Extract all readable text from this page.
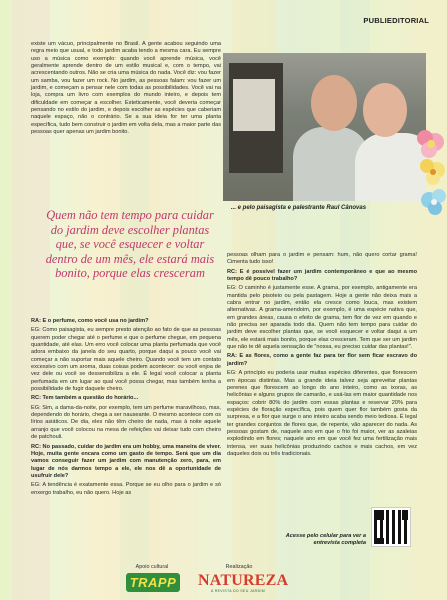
PUBLIEDITORIAL

existe um vácuo, principalmente no Brasil. A gente acabou seguindo uma regra meio que usual, e todo jardim acaba tendo a mesma cara. Eu sempre uso a música como exemplo: quando você aprende música, você geralmente aprende dentro de um estilo musical e, com o tempo, vai acrescentando outros. Não se cria uma música do nada. Você diz: vou fazer um samba, vou fazer um rock. No jardim, as pessoas falam: vou fazer um jardim, e começam a pensar nele com todas as possibilidades. Você vai na loja, compra um livro com exemplos do mundo inteiro, e depois tem dificuldade em começar a escolher. Esteticamente, você deveria começar pensando no estilo do jardim, e depois escolher as espécies que caberiam naquele espaço, não o contrário. Se a sua ideia for ter uma planta específica, tudo bem construir o jardim em volta dela, mas a maior parte das pessoas quer apenas um jardim bonito.

... e pelo paisagista e palestrante Raul Cânovas
Quem não tem tempo para cuidar do jardim deve escolher plantas que, se você esquecer e voltar dentro de um mês, ele estará mais bonito, porque elas cresceram

RA: E o perfume, como você usa no jardim?

EG: Como paisagista, eu sempre presto atenção ao fato de que as pessoas querem poder chegar até o perfume e que o perfume chegue, em pequena quantidade, até elas. Um erro você colocar uma planta perfumada que você adora embaixo da janela do seu quarto, porque daqui a pouco você vai começar a não suportar mais aquele cheiro. Quando você tem um contato excessivo com um aroma, duas coisas podem acontecer: ou você enjoa de vez dele ou você se dessensibiliza a ele. É legal você colocar a planta perfumada em um lugar ao qual você possa chegar, mas também tenha a possibilidade de fugir daquele cheiro.

RC: Tem também a questão do horário...

EG: Sim, a dama-da-noite, por exemplo, tem um perfume maravilhoso, mas, dependendo do horário, chega a ser nauseante. O mesmo acontece com os lírios asiáticos. De dia, eles não têm cheiro de nada, mas à noite aquele arranjo que você colocou na mesa de refeições vai deixar tudo com cheiro de patchouli.

RC: No passado, cuidar do jardim era um hobby, uma maneira de viver. Hoje, muita gente encara como um gasto de tempo. Será que um dia vamos conseguir fazer um jardim com manutenção zero, para, em lugar de nós darmos tempo a ele, ele nos dê a oportunidade de usufruir dele?

EG: A tendência é exatamente essa. Porque se eu olho para o jardim e só enxergo trabalho, eu não quero. Hoje as

pessoas olham para o jardim e pensam: hum, não quero cortar grama! Cimenta tudo isso!

RC: E é possível fazer um jardim contemporâneo e que ao mesmo tempo dê pouco trabalho?

EG: O caminho é justamente esse. A grama, por exemplo, antigamente era mantida pelo pisoteio ou pela pastagem. Hoje a gente não deixa mais a cabra entrar no jardim, então ela cresce como louca, mas existem alternativas. A grama-amendoim, por exemplo, é uma espécie nativa que, em grandes áreas, causa o efeito de grama, tem flor de vez em quando e não precisa ser aparada todo dia. Quem não tem tempo para cuidar do jardim deve escolher plantas que, se você esquecer e voltar daqui a um mês, ele estará mais bonito, porque elas cresceram. Tem que ser um jardim que não te dê aquela sensação de "nossa, eu preciso cuidar das plantas!".

RA: E as flores, como a gente faz para ter flor sem ficar escravo do jardim?

EG: A princípio eu poderia usar muitas espécies diferentes, que florescem em épocas distintas. Mas a grande ideia talvez seja apreveitar plantas perenes que florescem ao longo do ano inteiro, como as ixoras, as helicônias e alguns grupos de camarão, e usá-las em maior quantidade nos espaços: cobrir 80% do jardim com essas plantas e reservar 20% para espécies de floração específica, pois quem quer flor também gosta da surpresa, e a flor que surge o ano inteiro acaba sendo meio tediosa. É legal ter grandes conjuntos de flores que, de repente, vão aparecer do nada. As pessoas gostam de, naquele ano em que o frio foi maior, ver as azaleias explodindo em flores; naquele ano em que você fez uma fertilização mais intensa, ver suas helicônias produzindo cachos e mais cachos, em vez daqueles dois ou três tradicionais.

Acesse pelo celular para ver a entrevista completa
Apoio cultural	Realização
TRAPP NATUREZA
A REVISTA DO SEU JARDIM
